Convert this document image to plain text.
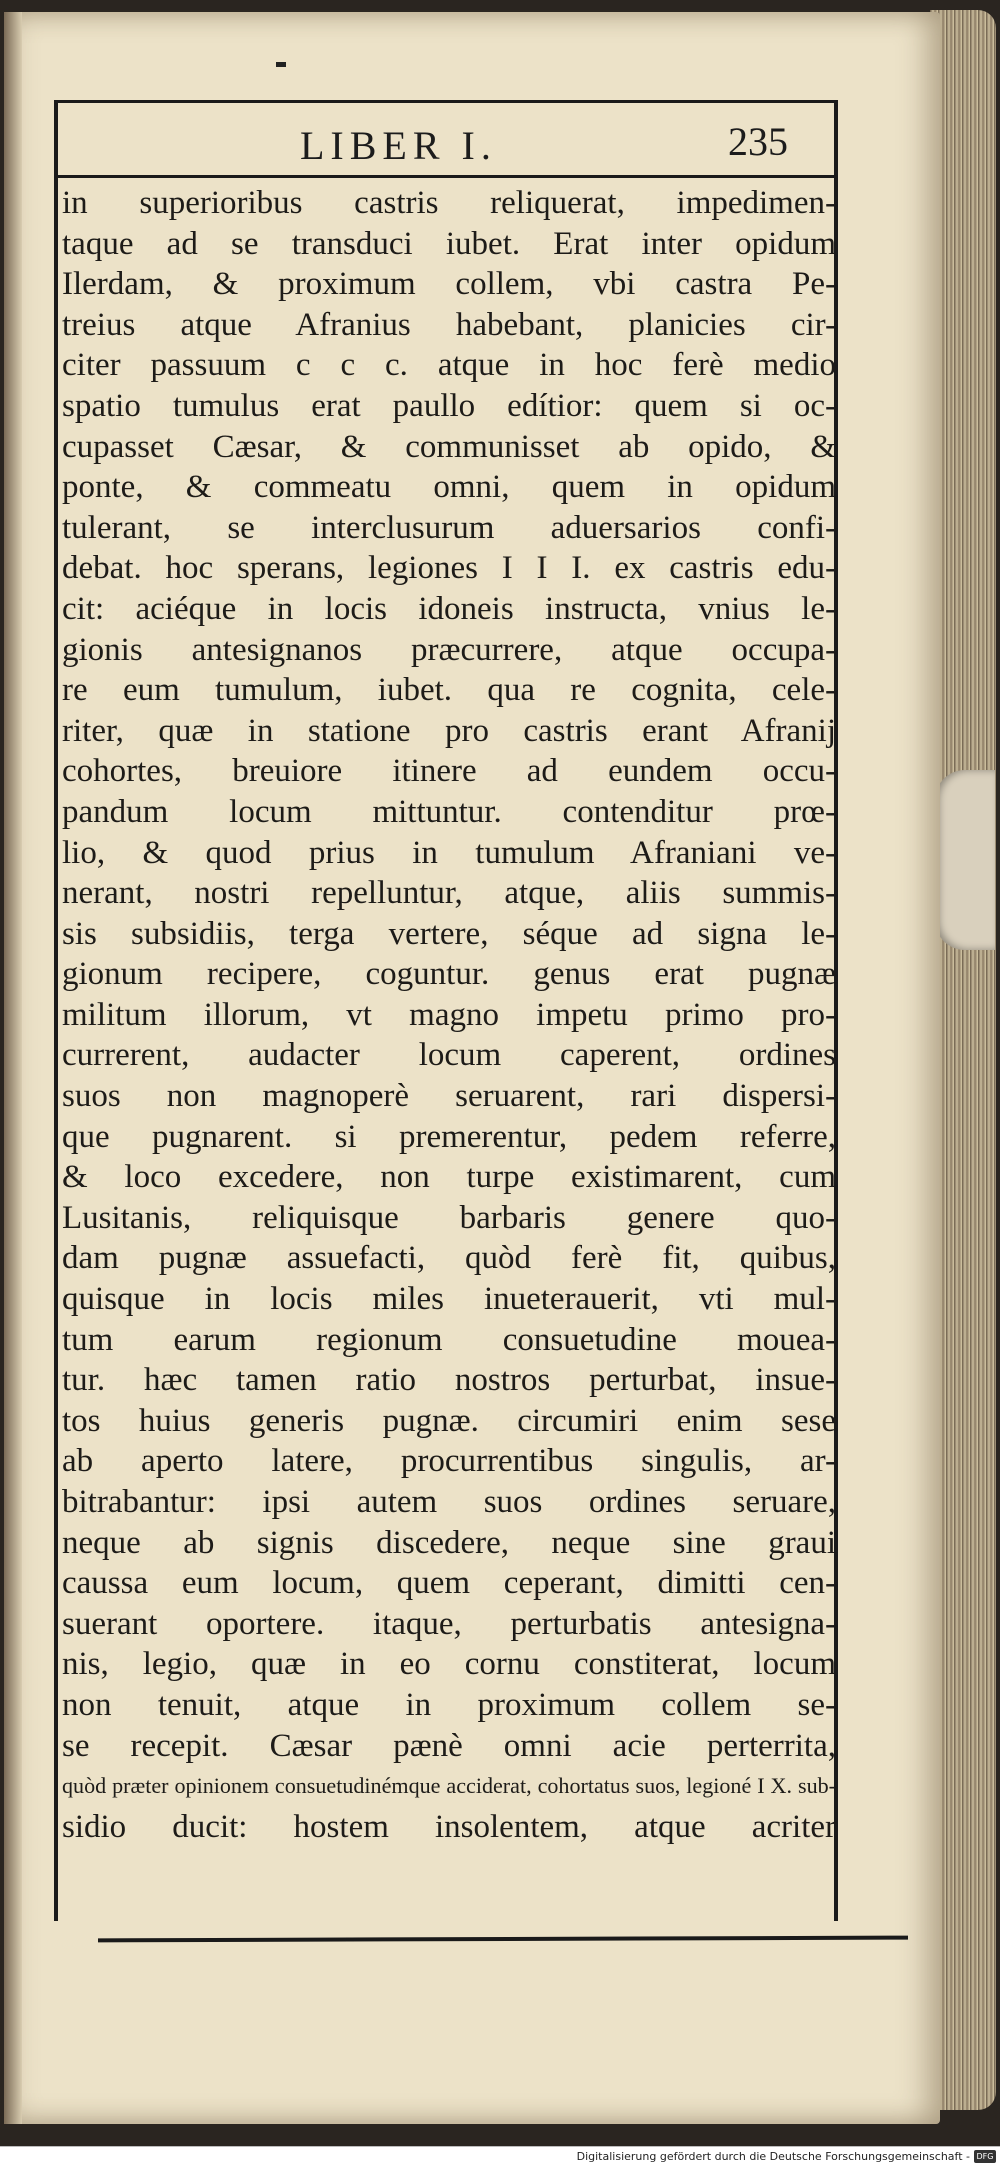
LIBER I.	235
in superioribus castris reliquerat, impedimen-
taque ad se transduci iubet. Erat inter opidum
Ilerdam, & proximum collem, vbi castra Pe-
treius atque Afranius habebant, planicies cir-
citer passuum c c c. atque in hoc ferè medio
spatio tumulus erat paullo edítior: quem si oc-
cupasset Cæsar, & communisset ab opido, &
ponte, & commeatu omni, quem in opidum
tulerant, se interclusurum aduersarios confi-
debat. hoc sperans, legiones I I I. ex castris edu-
cit: aciéque in locis idoneis instructa, vnius le-
gionis antesignanos præcurrere, atque occupa-
re eum tumulum, iubet. qua re cognita, cele-
riter, quæ in statione pro castris erant Afranij
cohortes, breuiore itinere ad eundem occu-
pandum locum mittuntur. contenditur prœ-
lio, & quod prius in tumulum Afraniani ve-
nerant, nostri repelluntur, atque, aliis summis-
sis subsidiis, terga vertere, séque ad signa le-
gionum recipere, coguntur. genus erat pugnæ
militum illorum, vt magno impetu primo pro-
currerent, audacter locum caperent, ordines
suos non magnoperè seruarent, rari dispersi-
que pugnarent. si premerentur, pedem referre,
& loco excedere, non turpe existimarent, cum
Lusitanis, reliquisque barbaris genere quo-
dam pugnæ assuefacti, quòd ferè fit, quibus,
quisque in locis miles inueterauerit, vti mul-
tum earum regionum consuetudine moueа-
tur. hæc tamen ratio nostros perturbat, insue-
tos huius generis pugnæ. circumiri enim sese
ab aperto latere, procurrentibus singulis, ar-
bitrabantur: ipsi autem suos ordines seruare,
neque ab signis discedere, neque sine graui
caussa eum locum, quem ceperant, dimitti cen-
suerant oportere. itaque, perturbatis antesigna-
nis, legio, quæ in eo cornu constiterat, locum
non tenuit, atque in proximum collem se-
se recepit. Cæsar pænè omni acie perterrita,
quòd præter opinionem consuetudinémque acciderat, cohortatus suos, legioné I X. sub-
sidio ducit: hostem insolentem, atque acriter
Digitalisierung gefördert durch die Deutsche Forschungsgemeinschaft - DFG
